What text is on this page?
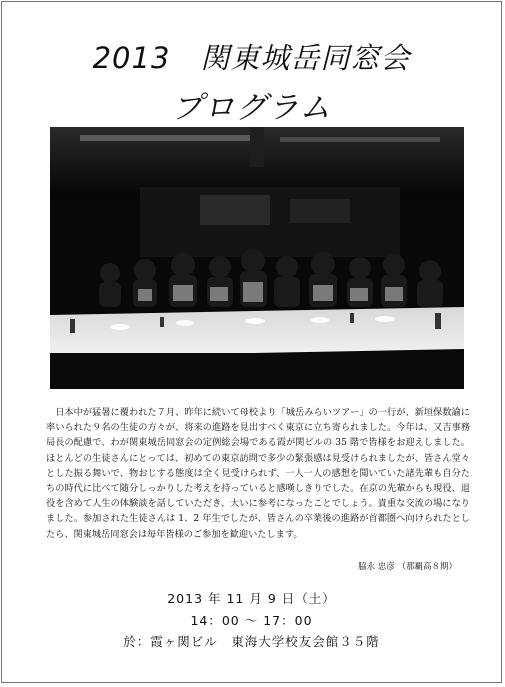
2013　関東城岳同窓会
プログラム

日本中が猛暑に覆われた７月、昨年に続いて母校より「城岳みらいツアー」の一行が、新垣保数諭に率いられた９名の生徒の方々が、将来の進路を見出すべく東京に立ち寄られました。今年は、又吉事務局長の配慮で、わが関東城岳同窓会の定例総会場である霞が関ビルの 35 階で皆様をお迎えしました。ほとんどの生徒さんにとっては、初めての東京訪問で多少の緊張感は見受けられましたが、皆さん堂々とした振る舞いで、物おじする態度は全く見受けられず、一人一人の感想を聞いていた諸先輩も自分たちの時代に比べて随分しっかりした考えを持っていると感嘆しきりでした。在京の先輩からも現役、退役を含めて人生の体験談を話していただき、大いに参考になったことでしょう。貴重な交流の場になりました。参加された生徒さんは 1、2 年生でしたが、皆さんの卒業後の進路が首都圏へ向けられたとしたら、関東城岳同窓会は毎年皆様のご参加を歓迎いたします。

脇永 忠彦 （那覇高８期）
2013 年 11 月 9 日（土）
14：00 ～ 17：00
於：霞ヶ関ビル　東海大学校友会館３５階
